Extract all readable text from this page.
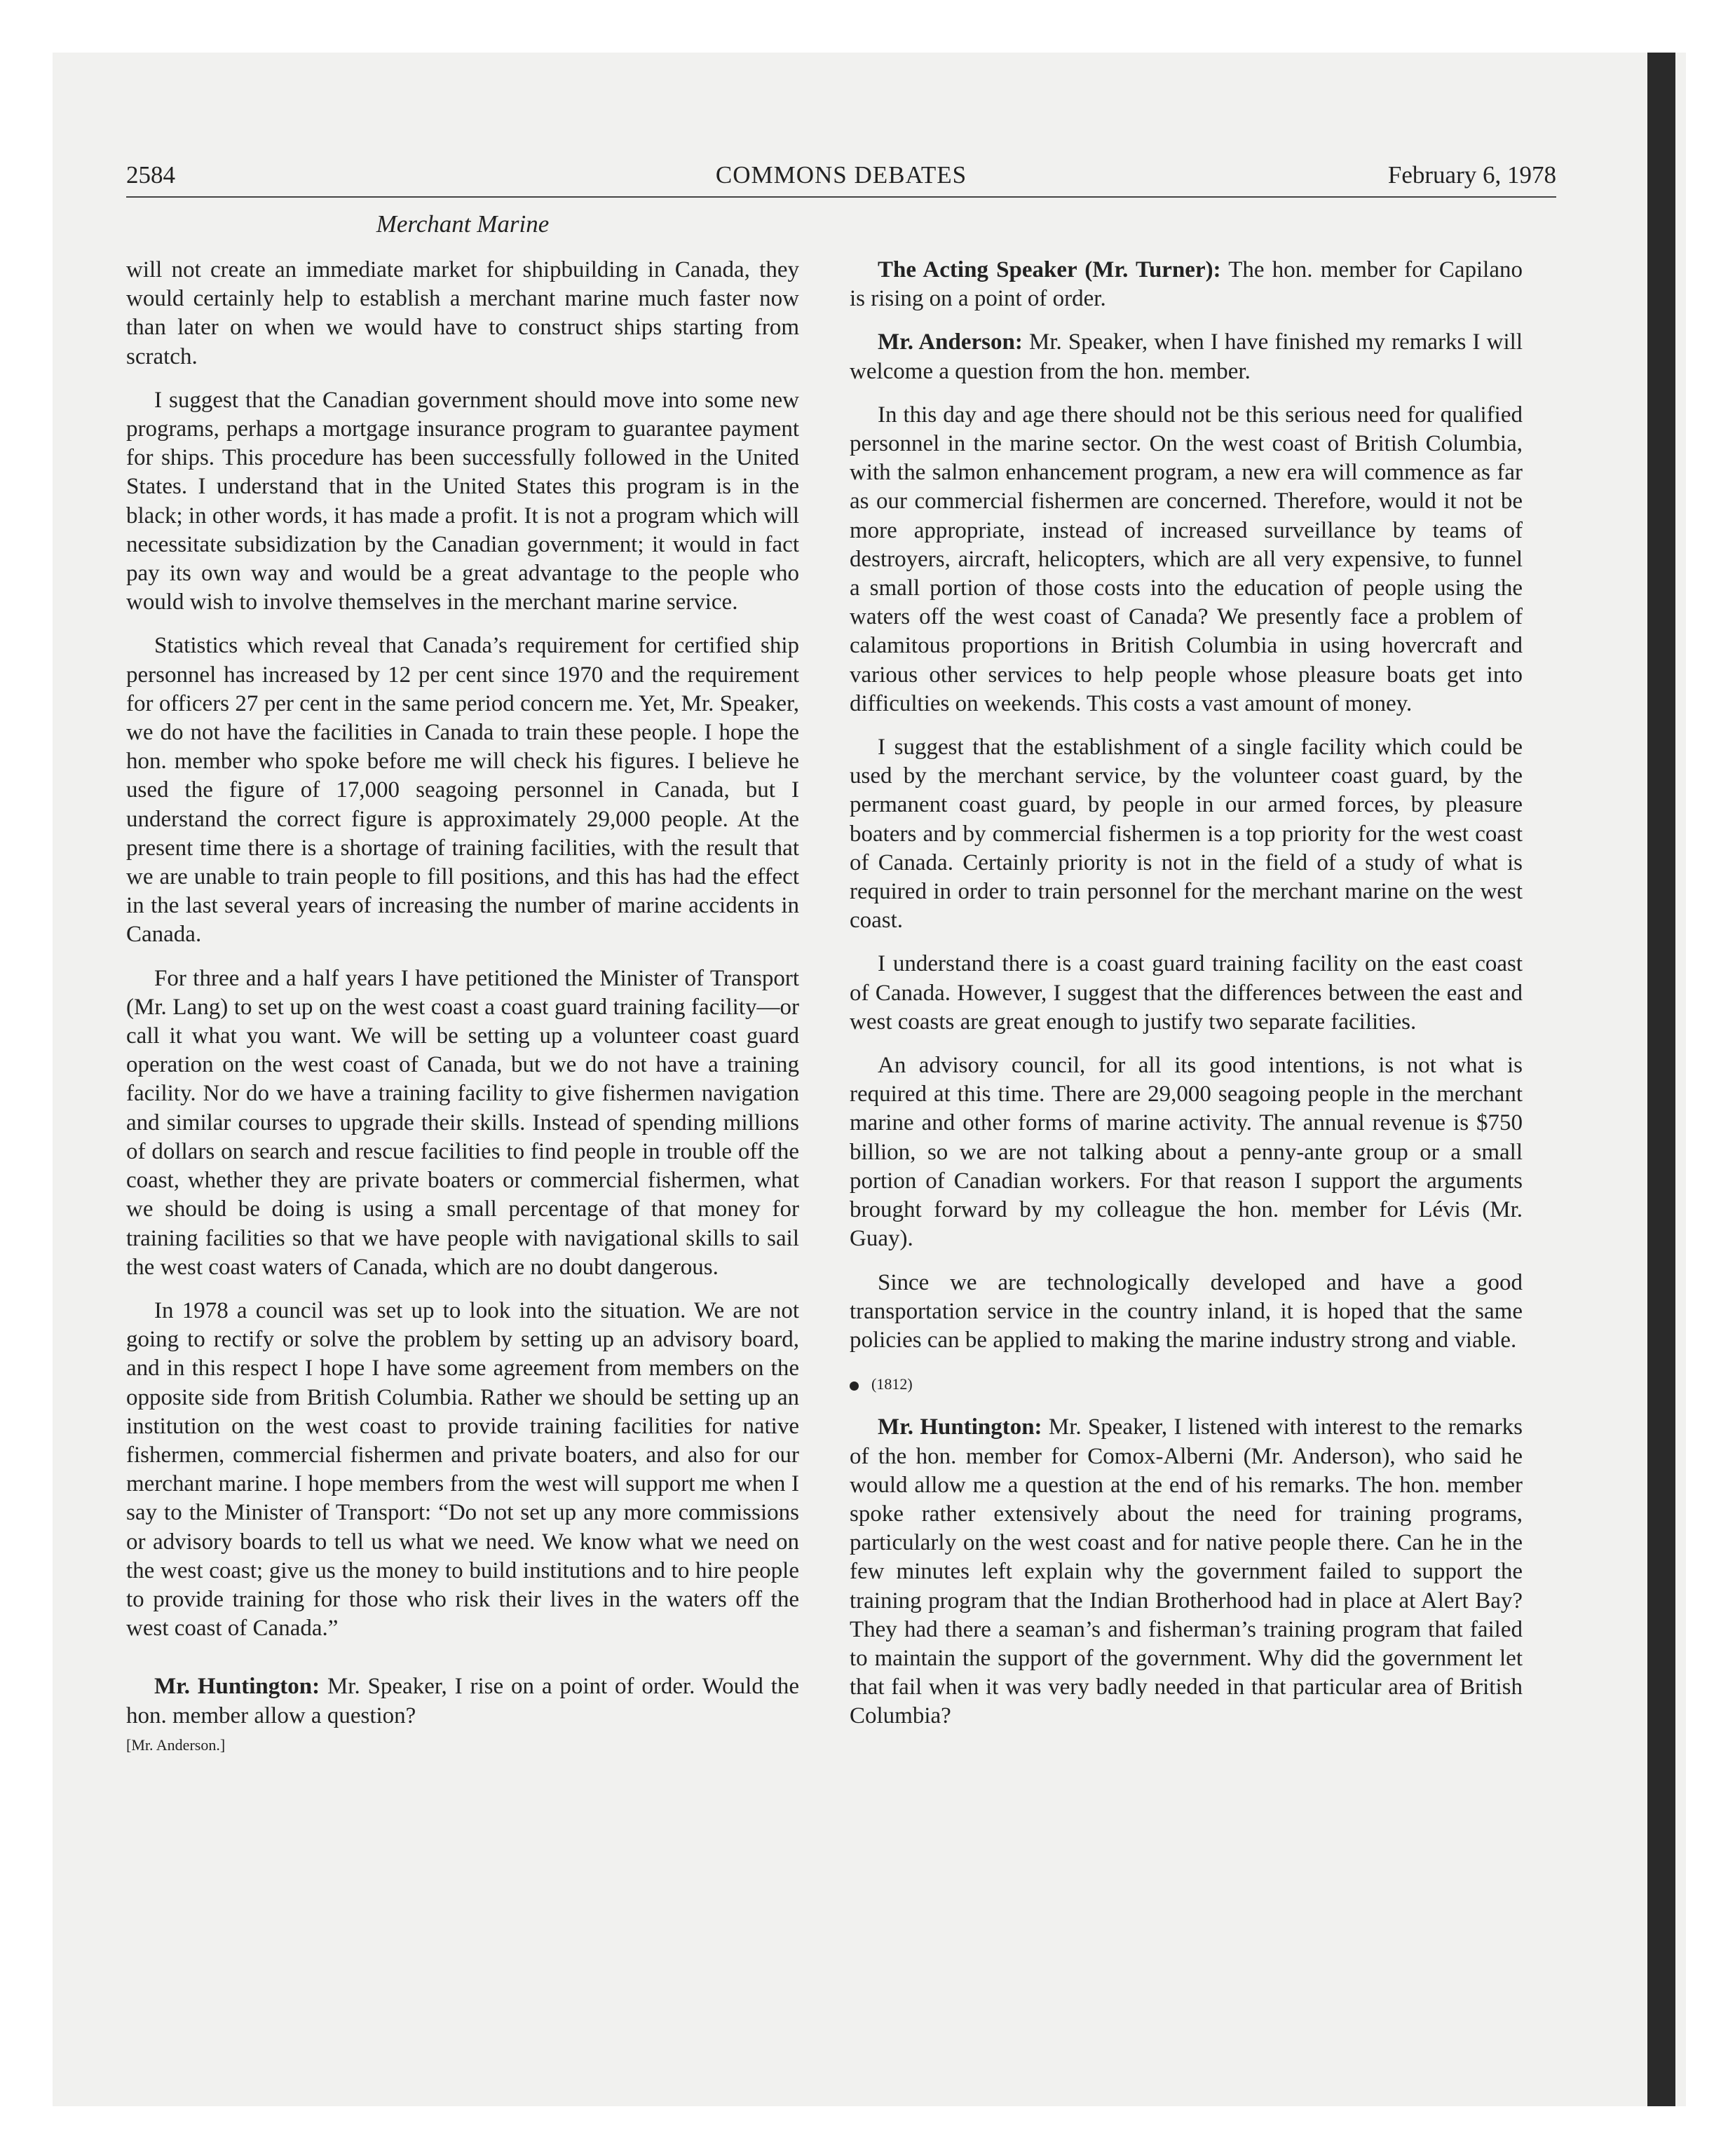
2584	COMMONS DEBATES	February 6, 1978
Merchant Marine

will not create an immediate market for shipbuilding in Canada, they would certainly help to establish a merchant marine much faster now than later on when we would have to construct ships starting from scratch.

I suggest that the Canadian government should move into some new programs, perhaps a mortgage insurance program to guarantee payment for ships. This procedure has been successfully followed in the United States. I understand that in the United States this program is in the black; in other words, it has made a profit. It is not a program which will necessitate subsidization by the Canadian government; it would in fact pay its own way and would be a great advantage to the people who would wish to involve themselves in the merchant marine service.

Statistics which reveal that Canada’s requirement for certified ship personnel has increased by 12 per cent since 1970 and the requirement for officers 27 per cent in the same period concern me. Yet, Mr. Speaker, we do not have the facilities in Canada to train these people. I hope the hon. member who spoke before me will check his figures. I believe he used the figure of 17,000 seagoing personnel in Canada, but I understand the correct figure is approximately 29,000 people. At the present time there is a shortage of training facilities, with the result that we are unable to train people to fill positions, and this has had the effect in the last several years of increasing the number of marine accidents in Canada.

For three and a half years I have petitioned the Minister of Transport (Mr. Lang) to set up on the west coast a coast guard training facility—or call it what you want. We will be setting up a volunteer coast guard operation on the west coast of Canada, but we do not have a training facility. Nor do we have a training facility to give fishermen navigation and similar courses to upgrade their skills. Instead of spending millions of dollars on search and rescue facilities to find people in trouble off the coast, whether they are private boaters or commercial fishermen, what we should be doing is using a small percentage of that money for training facilities so that we have people with navigational skills to sail the west coast waters of Canada, which are no doubt dangerous.

In 1978 a council was set up to look into the situation. We are not going to rectify or solve the problem by setting up an advisory board, and in this respect I hope I have some agreement from members on the opposite side from British Columbia. Rather we should be setting up an institution on the west coast to provide training facilities for native fishermen, commercial fishermen and private boaters, and also for our merchant marine. I hope members from the west will support me when I say to the Minister of Transport: “Do not set up any more commissions or advisory boards to tell us what we need. We know what we need on the west coast; give us the money to build institutions and to hire people to provide training for those who risk their lives in the waters off the west coast of Canada.”

Mr. Huntington: Mr. Speaker, I rise on a point of order. Would the hon. member allow a question?

[Mr. Anderson.]

The Acting Speaker (Mr. Turner): The hon. member for Capilano is rising on a point of order.

Mr. Anderson: Mr. Speaker, when I have finished my remarks I will welcome a question from the hon. member.

In this day and age there should not be this serious need for qualified personnel in the marine sector. On the west coast of British Columbia, with the salmon enhancement program, a new era will commence as far as our commercial fishermen are concerned. Therefore, would it not be more appropriate, instead of increased surveillance by teams of destroyers, aircraft, helicopters, which are all very expensive, to funnel a small portion of those costs into the education of people using the waters off the west coast of Canada? We presently face a problem of calamitous proportions in British Columbia in using hovercraft and various other services to help people whose pleasure boats get into difficulties on weekends. This costs a vast amount of money.

I suggest that the establishment of a single facility which could be used by the merchant service, by the volunteer coast guard, by the permanent coast guard, by people in our armed forces, by pleasure boaters and by commercial fishermen is a top priority for the west coast of Canada. Certainly priority is not in the field of a study of what is required in order to train personnel for the merchant marine on the west coast.

I understand there is a coast guard training facility on the east coast of Canada. However, I suggest that the differences between the east and west coasts are great enough to justify two separate facilities.

An advisory council, for all its good intentions, is not what is required at this time. There are 29,000 seagoing people in the merchant marine and other forms of marine activity. The annual revenue is $750 billion, so we are not talking about a penny-ante group or a small portion of Canadian workers. For that reason I support the arguments brought forward by my colleague the hon. member for Lévis (Mr. Guay).

Since we are technologically developed and have a good transportation service in the country inland, it is hoped that the same policies can be applied to making the marine industry strong and viable.

(1812)

Mr. Huntington: Mr. Speaker, I listened with interest to the remarks of the hon. member for Comox-Alberni (Mr. Anderson), who said he would allow me a question at the end of his remarks. The hon. member spoke rather extensively about the need for training programs, particularly on the west coast and for native people there. Can he in the few minutes left explain why the government failed to support the training program that the Indian Brotherhood had in place at Alert Bay? They had there a seaman’s and fisherman’s training program that failed to maintain the support of the government. Why did the government let that fail when it was very badly needed in that particular area of British Columbia?
